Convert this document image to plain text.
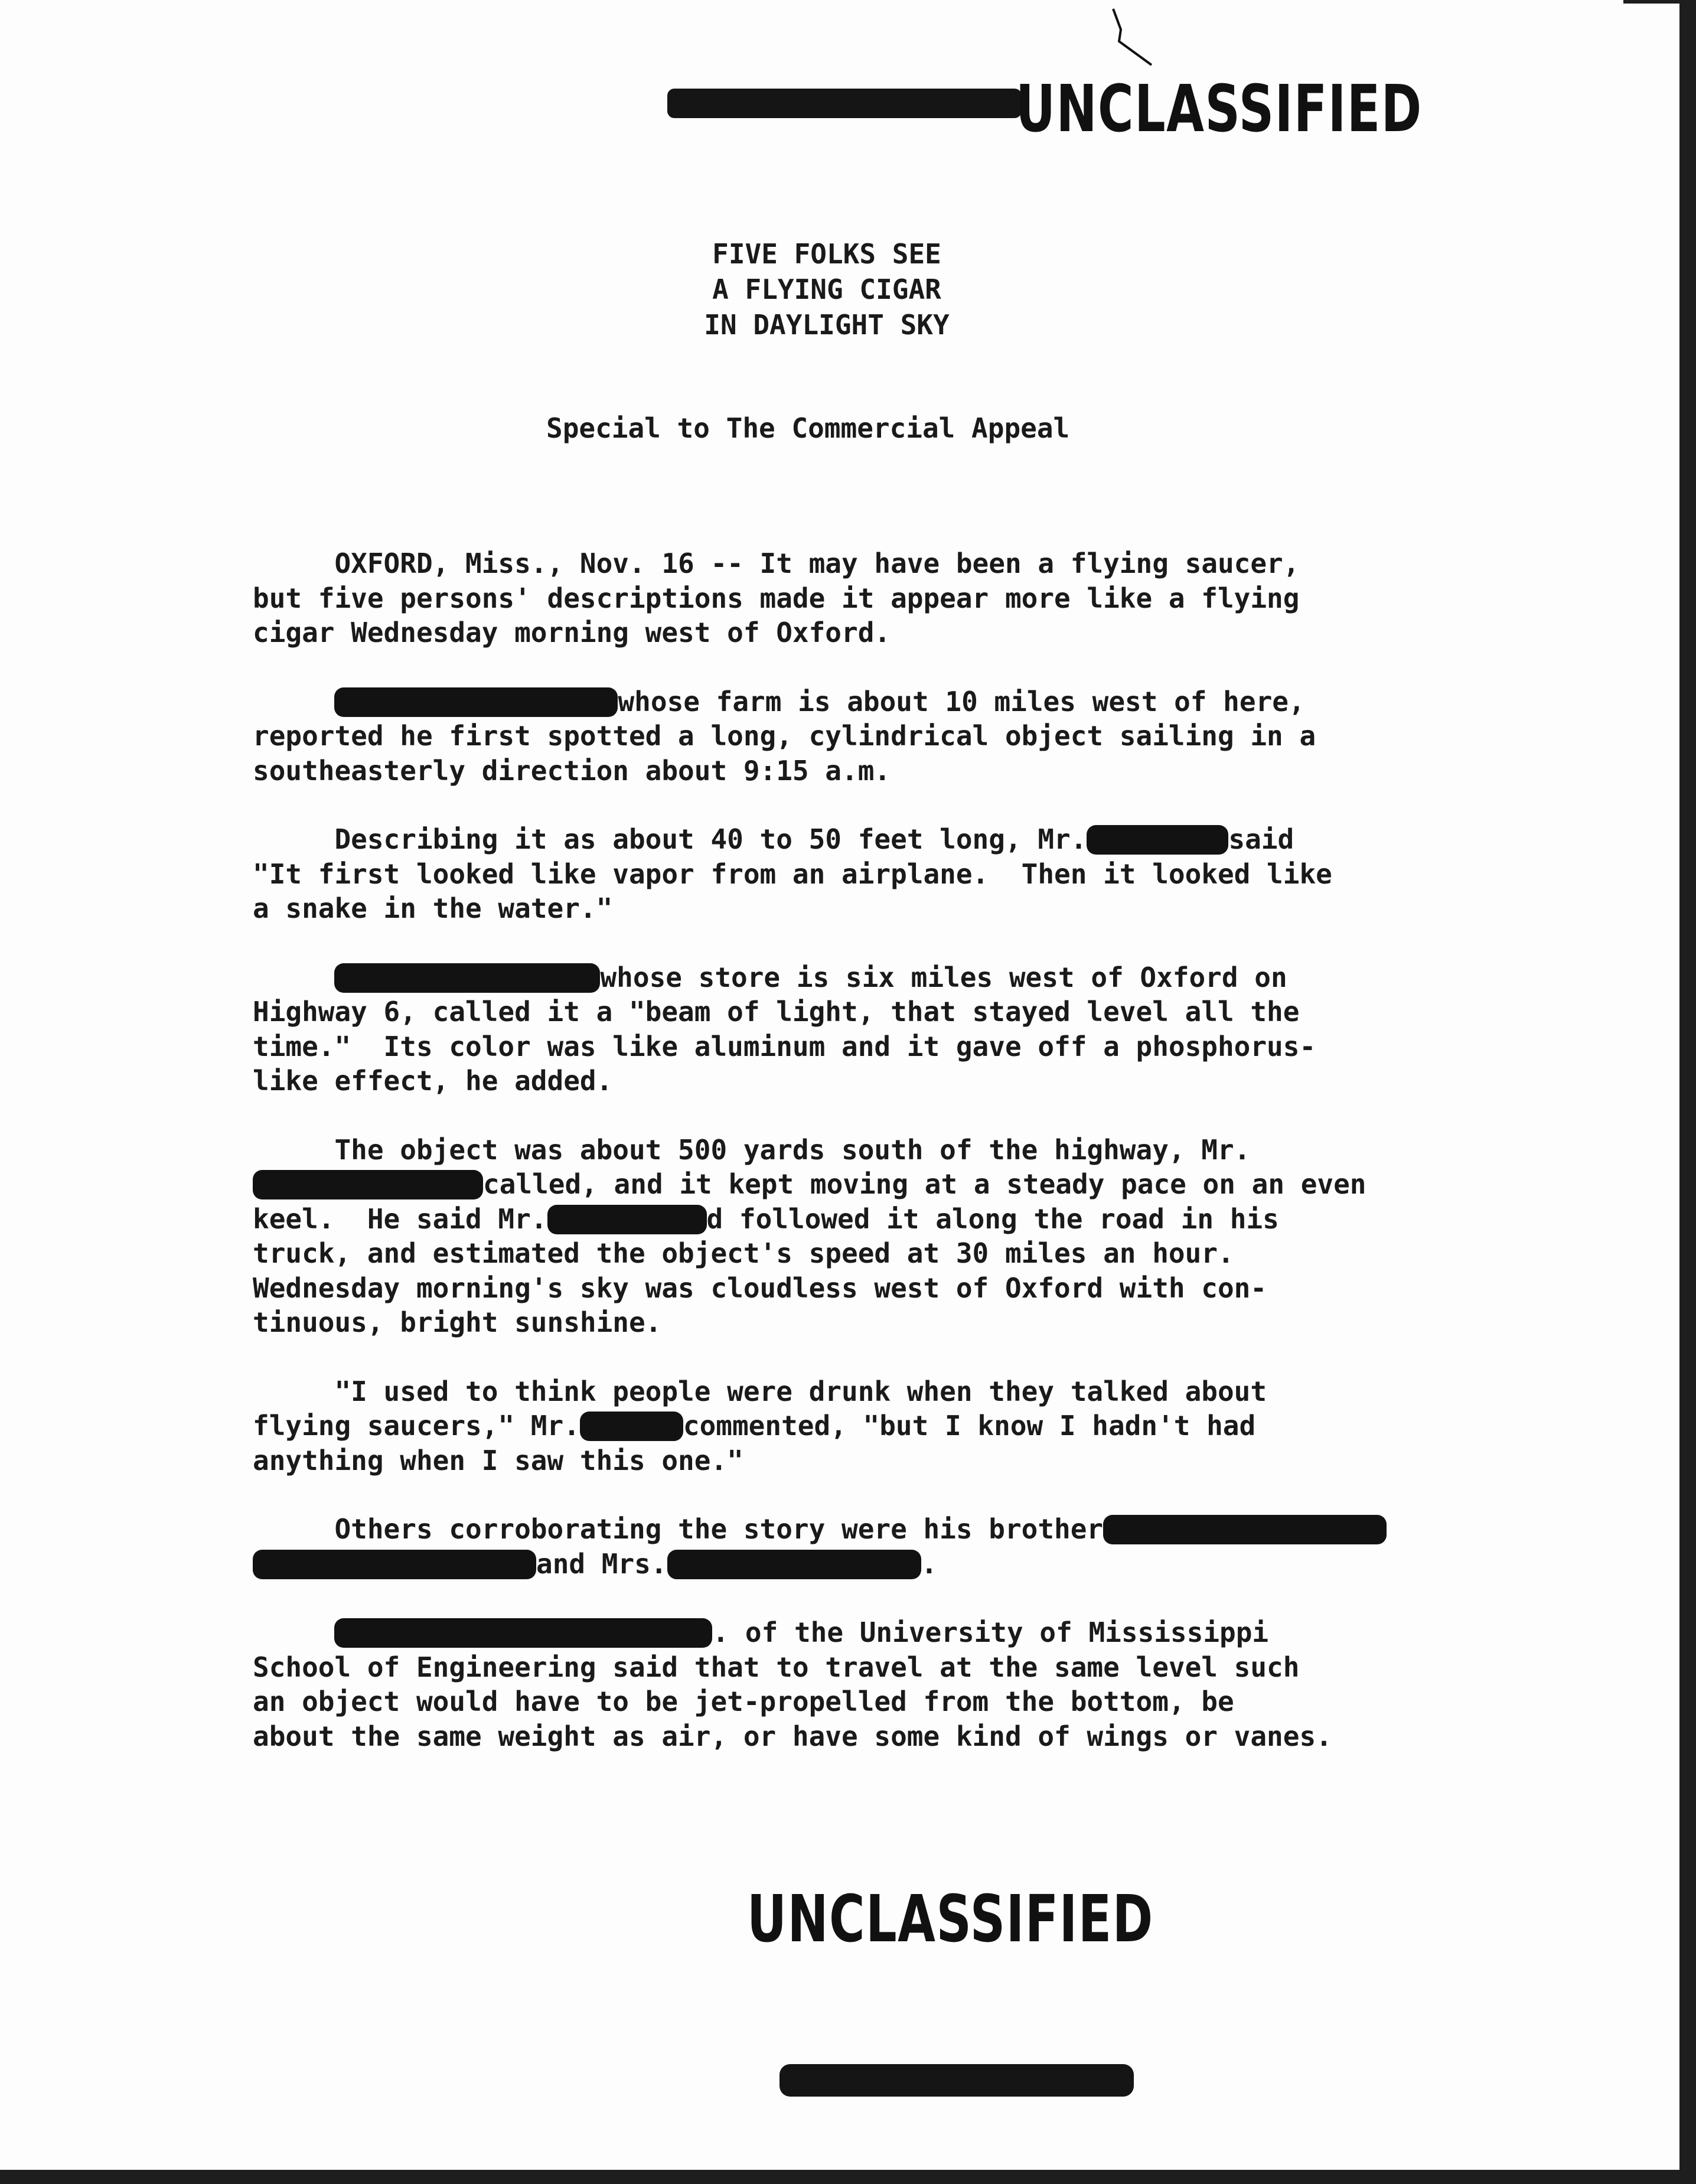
UNCLASSIFIED
FIVE FOLKS SEE
A FLYING CIGAR
IN DAYLIGHT SKY
Special to The Commercial Appeal
OXFORD, Miss., Nov. 16 -- It may have been a flying saucer,
but five persons' descriptions made it appear more like a flying
cigar Wednesday morning west of Oxford.
whose farm is about 10 miles west of here,
reported he first spotted a long, cylindrical object sailing in a
southeasterly direction about 9:15 a.m.
Describing it as about 40 to 50 feet long, Mr.	said
"It first looked like vapor from an airplane.  Then it looked like
a snake in the water."
whose store is six miles west of Oxford on
Highway 6, called it a "beam of light, that stayed level all the
time."  Its color was like aluminum and it gave off a phosphorus-
like effect, he added.
The object was about 500 yards south of the highway, Mr.
called, and it kept moving at a steady pace on an even
keel.  He said Mr.	d followed it along the road in his
truck, and estimated the object's speed at 30 miles an hour.
Wednesday morning's sky was cloudless west of Oxford with con-
tinuous, bright sunshine.
"I used to think people were drunk when they talked about
flying saucers," Mr.	commented, "but I know I hadn't had
anything when I saw this one."
Others corroborating the story were his brother
and Mrs.	.
. of the University of Mississippi
School of Engineering said that to travel at the same level such
an object would have to be jet-propelled from the bottom, be
about the same weight as air, or have some kind of wings or vanes.
UNCLASSIFIED
